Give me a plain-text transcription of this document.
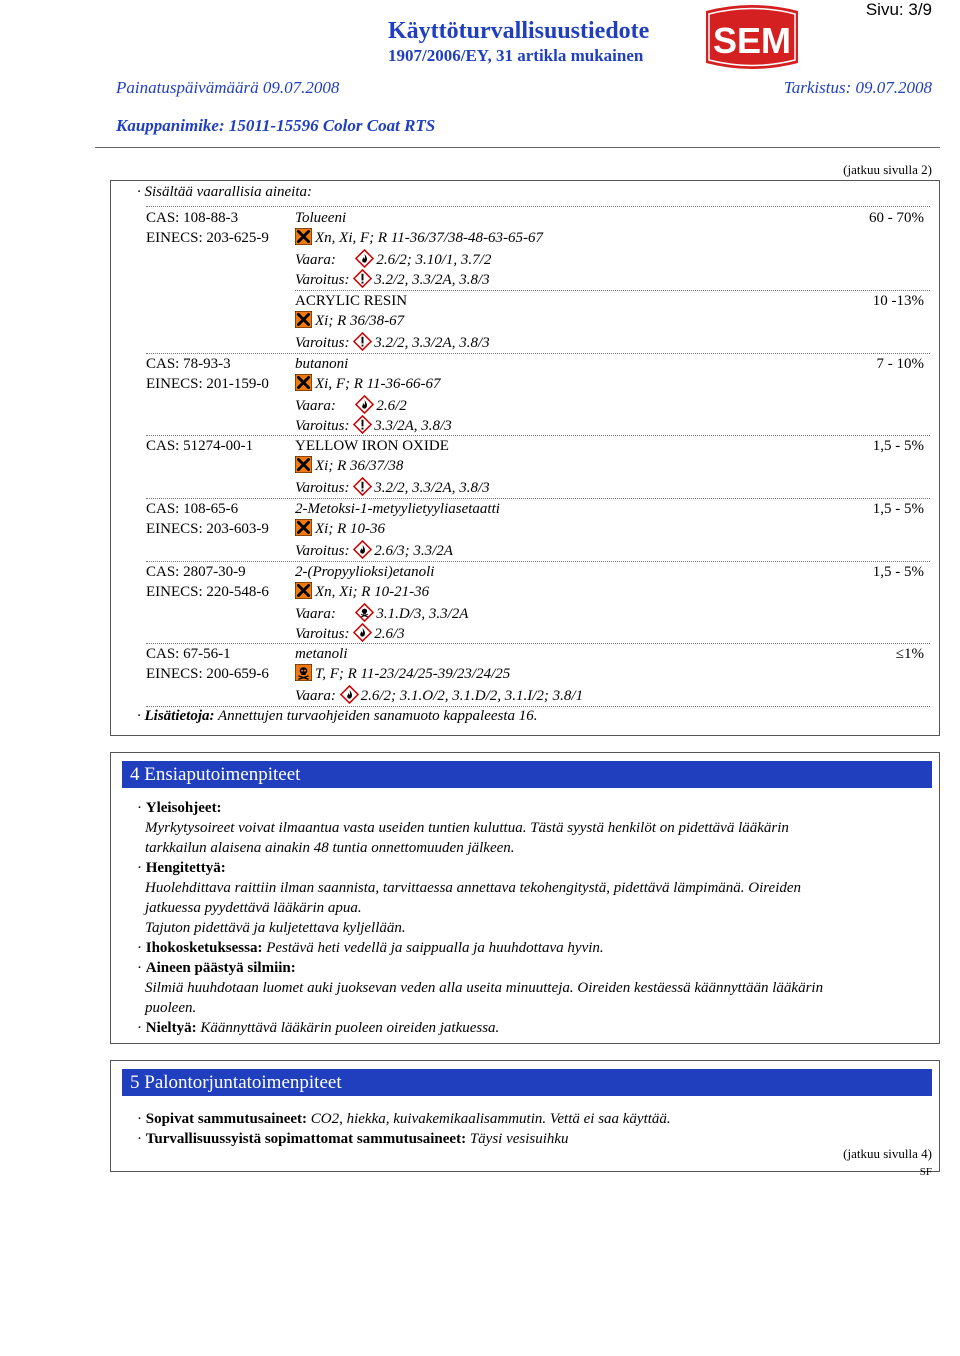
Sivu: 3/9
Käyttöturvallisuustiedote
1907/2006/EY, 31 artikla mukainen SEM
Painatuspäivämäärä 09.07.2008	Tarkistus: 09.07.2008
Kauppanimike: 15011-15596 Color Coat RTS
(jatkuu sivulla 2)
· Sisältää vaarallisia aineita:
CAS: 108-88-3
EINECS: 203-625-9
Tolueeni
Xn, Xi, F; R 11-36/37/38-48-63-65-67
Vaara:	2.6/2; 3.10/1, 3.7/2
Varoitus: 3.2/2, 3.3/2A, 3.8/3
60 - 70%
ACRYLIC RESIN
Xi; R 36/38-67
Varoitus: 3.2/2, 3.3/2A, 3.8/3
10 -13%
CAS: 78-93-3
EINECS: 201-159-0
butanoni
Xi, F; R 11-36-66-67
Vaara:	2.6/2
Varoitus: 3.3/2A, 3.8/3
7 - 10%
CAS: 51274-00-1	YELLOW IRON OXIDE
Xi; R 36/37/38
Varoitus: 3.2/2, 3.3/2A, 3.8/3
1,5 - 5%
CAS: 108-65-6
EINECS: 203-603-9
2-Metoksi-1-metyylietyyliasetaatti
Xi; R 10-36
Varoitus: 2.6/3; 3.3/2A
1,5 - 5%
CAS: 2807-30-9
EINECS: 220-548-6
2-(Propyylioksi)etanoli
Xn, Xi; R 10-21-36
Vaara:	3.1.D/3, 3.3/2A
Varoitus: 2.6/3
1,5 - 5%
CAS: 67-56-1
EINECS: 200-659-6
metanoli
T, F; R 11-23/24/25-39/23/24/25
Vaara: 2.6/2; 3.1.O/2, 3.1.D/2, 3.1.I/2; 3.8/1
≤1%
· Lisätietoja: Annettujen turvaohjeiden sanamuoto kappaleesta 16.
4 Ensiaputoimenpiteet
· Yleisohjeet:
Myrkytysoireet voivat ilmaantua vasta useiden tuntien kuluttua. Tästä syystä henkilöt on pidettävä lääkärin
tarkkailun alaisena ainakin 48 tuntia onnettomuuden jälkeen.
· Hengitettyä:
Huolehdittava raittiin ilman saannista, tarvittaessa annettava tekohengitystä, pidettävä lämpimänä. Oireiden
jatkuessa pyydettävä lääkärin apua.
Tajuton pidettävä ja kuljetettava kyljellään.
· Ihokosketuksessa: Pestävä heti vedellä ja saippualla ja huuhdottava hyvin.
· Aineen päästyä silmiin:
Silmiä huuhdotaan luomet auki juoksevan veden alla useita minuutteja. Oireiden kestäessä käännyttään lääkärin
puoleen.
· Nieltyä: Käännyttävä lääkärin puoleen oireiden jatkuessa.
5 Palontorjuntatoimenpiteet
· Sopivat sammutusaineet: CO2, hiekka, kuivakemikaalisammutin. Vettä ei saa käyttää.
· Turvallisuussyistä sopimattomat sammutusaineet: Täysi vesisuihku
(jatkuu sivulla 4)
SF
